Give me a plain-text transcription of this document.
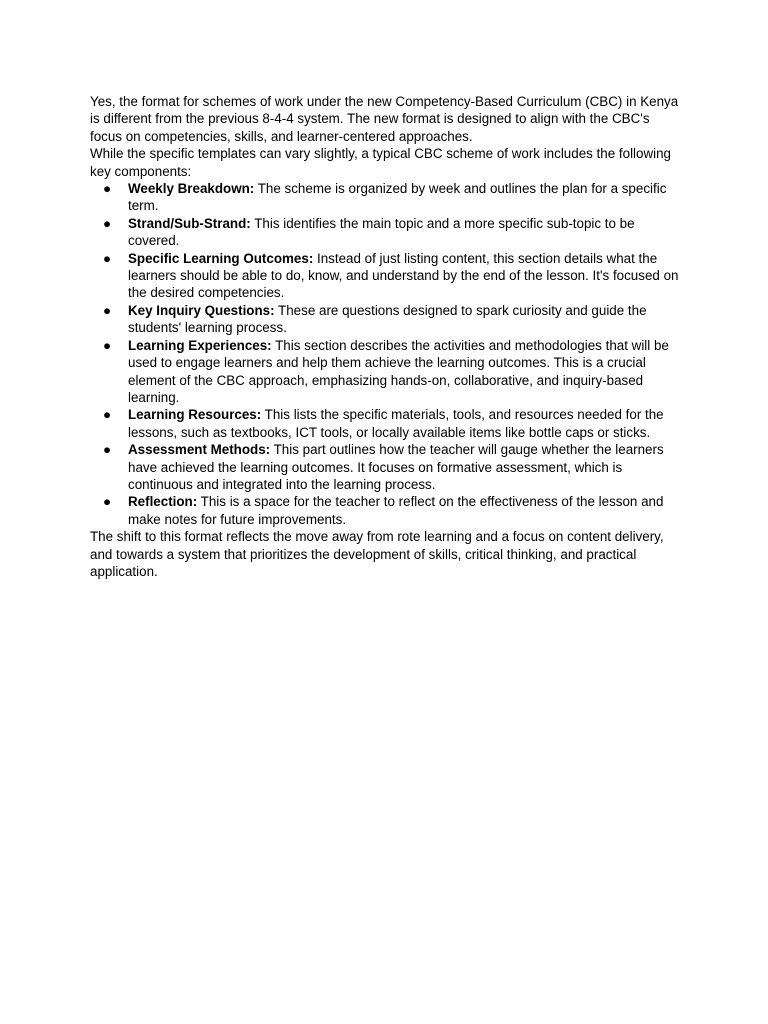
Yes, the format for schemes of work under the new Competency-Based Curriculum (CBC) in Kenya is different from the previous 8-4-4 system. The new format is designed to align with the CBC's focus on competencies, skills, and learner-centered approaches.

While the specific templates can vary slightly, a typical CBC scheme of work includes the following key components:

● Weekly Breakdown: The scheme is organized by week and outlines the plan for a specific term.
● Strand/Sub-Strand: This identifies the main topic and a more specific sub-topic to be covered.
● Specific Learning Outcomes: Instead of just listing content, this section details what the learners should be able to do, know, and understand by the end of the lesson. It's focused on the desired competencies.
● Key Inquiry Questions: These are questions designed to spark curiosity and guide the students' learning process.
● Learning Experiences: This section describes the activities and methodologies that will be used to engage learners and help them achieve the learning outcomes. This is a crucial element of the CBC approach, emphasizing hands-on, collaborative, and inquiry-based learning.
● Learning Resources: This lists the specific materials, tools, and resources needed for the lessons, such as textbooks, ICT tools, or locally available items like bottle caps or sticks.
● Assessment Methods: This part outlines how the teacher will gauge whether the learners have achieved the learning outcomes. It focuses on formative assessment, which is continuous and integrated into the learning process.
● Reflection: This is a space for the teacher to reflect on the effectiveness of the lesson and make notes for future improvements.

The shift to this format reflects the move away from rote learning and a focus on content delivery, and towards a system that prioritizes the development of skills, critical thinking, and practical application.
